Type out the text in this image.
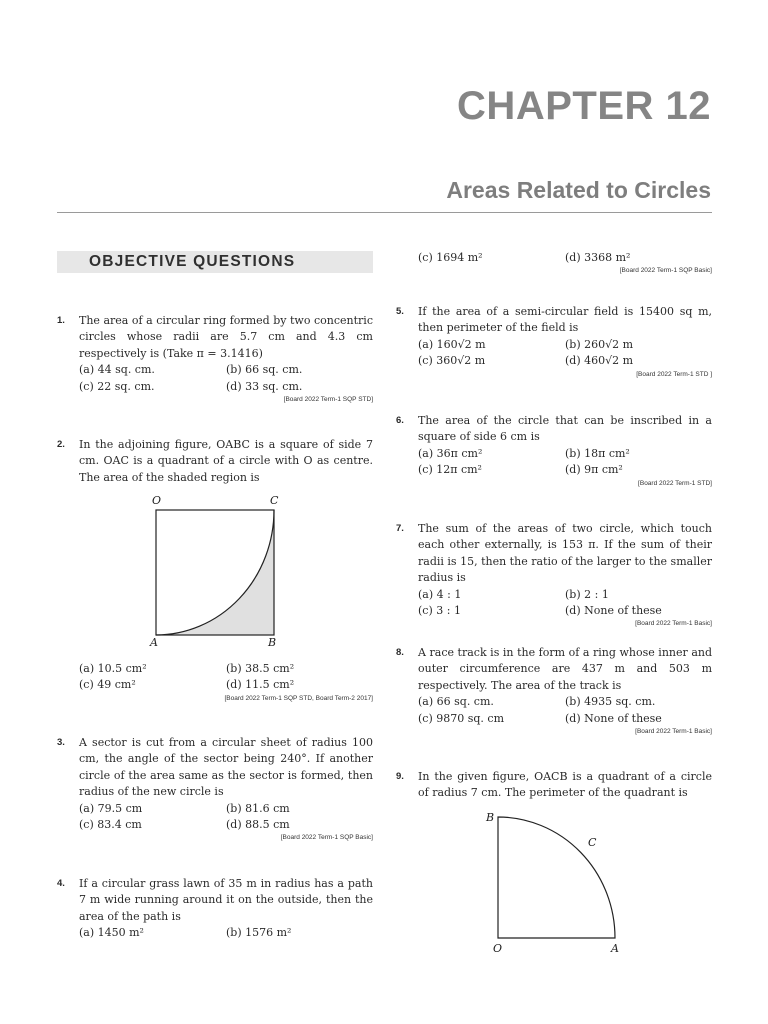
CHAPTER 12
Areas Related to Circles
OBJECTIVE QUESTIONS
1. The area of a circular ring formed by two concentric circles whose radii are 5.7 cm and 4.3 cm respectively is (Take π = 3.1416)
(a) 44 sq. cm.	(b) 66 sq. cm.
(c) 22 sq. cm.	(d) 33 sq. cm.
[Board 2022 Term-1 SQP STD]
2. In the adjoining figure, OABC is a square of side 7 cm. OAC is a quadrant of a circle with O as centre. The area of the shaded region is
O	C
A	B
(a) 10.5 cm²	(b) 38.5 cm²
(c) 49 cm²	(d) 11.5 cm²
[Board 2022 Term-1 SQP STD, Board Term-2 2017]
3. A sector is cut from a circular sheet of radius 100 cm, the angle of the sector being 240°. If another circle of the area same as the sector is formed, then radius of the new circle is
(a) 79.5 cm	(b) 81.6 cm
(c) 83.4 cm	(d) 88.5 cm
[Board 2022 Term-1 SQP Basic]
4. If a circular grass lawn of 35 m in radius has a path 7 m wide running around it on the outside, then the area of the path is
(a) 1450 m²	(b) 1576 m²
(c) 1694 m²	(d) 3368 m²
[Board 2022 Term-1 SQP Basic]
5. If the area of a semi-circular field is 15400 sq m, then perimeter of the field is
(a) 160√2 m	(b) 260√2 m
(c) 360√2 m	(d) 460√2 m
[Board 2022 Term-1 STD ]
6. The area of the circle that can be inscribed in a square of side 6 cm is
(a) 36π cm²	(b) 18π cm²
(c) 12π cm²	(d) 9π cm²
[Board 2022 Term-1 STD]
7. The sum of the areas of two circle, which touch each other externally, is 153 π. If the sum of their radii is 15, then the ratio of the larger to the smaller radius is
(a) 4 : 1	(b) 2 : 1
(c) 3 : 1	(d) None of these
[Board 2022 Term-1 Basic]
8. A race track is in the form of a ring whose inner and outer circumference are 437 m and 503 m respectively. The area of the track is
(a) 66 sq. cm.	(b) 4935 sq. cm.
(c) 9870 sq. cm	(d) None of these
[Board 2022 Term-1 Basic]
9. In the given figure, OACB is a quadrant of a circle of radius 7 cm. The perimeter of the quadrant is
B
C
O	A
